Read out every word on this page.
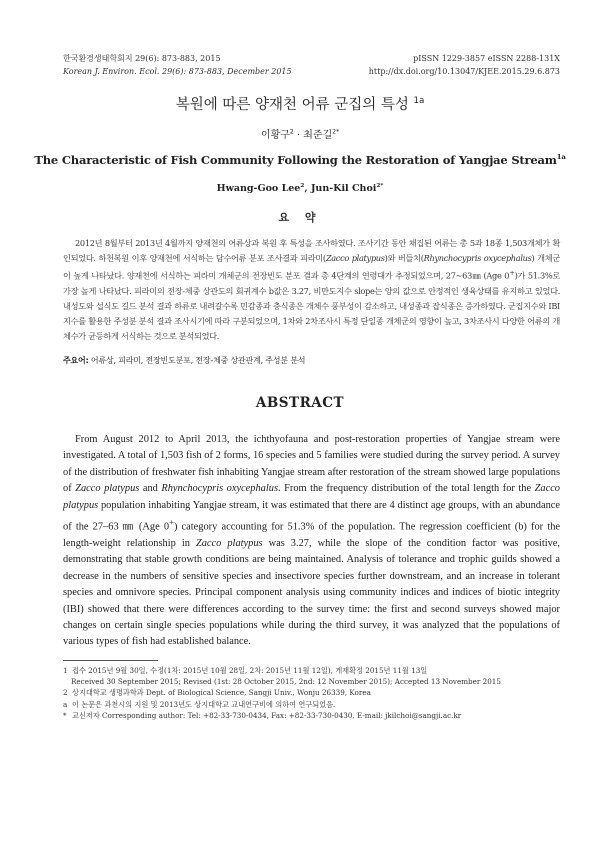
한국환경생태학회지 29(6): 873-883, 2015
Korean J. Environ. Ecol. 29(6): 873-883, December 2015
pISSN 1229-3857 eISSN 2288-131X
http://dx.doi.org/10.13047/KJEE.2015.29.6.873
복원에 따른 양재천 어류 군집의 특성 $^{1a}$
이황구$^2$ · 최준길$^{2*}$
The Characteristic of Fish Community Following the Restoration of Yangjae Stream$^{1a}$
Hwang-Goo Lee$^2$, Jun-Kil Choi$^{2*}$
요 약
2012년 8월부터 2013년 4월까지 양재천의 어류상과 복원 후 특성을 조사하였다. 조사기간 동안 채집된 어류는 총 5과 18종 1,503개체가 확인되었다. 하천복원 이후 양재천에 서식하는 담수어류 분포 조사결과 피라미(Zacco platypus)와 버들치(Rhynchocypris oxycephalus) 개체군이 높게 나타났다. 양재천에 서식하는 피라미 개체군의 전장빈도 분포 결과 총 4단계의 연령대가 추정되었으며, 27∼63㎜ (Age 0+)가 51.3%로 가장 높게 나타났다. 피라미의 전장-체중 상관도의 회귀계수 b값은 3.27, 비만도지수 slope는 양의 값으로 안정적인 생육상태를 유지하고 있었다. 내성도와 섭식도 길드 분석 결과 하류로 내려갈수록 민감종과 충식종은 개체수 풍부성이 감소하고, 내성종과 잡식종은 증가하였다. 군집지수와 IBI지수를 활용한 주성분 분석 결과 조사시기에 따라 구분되었으며, 1차와 2차조사시 특정 단일종 개체군의 영향이 높고, 3차조사시 다양한 어류의 개체수가 균등하게 서식하는 것으로 분석되었다.
주요어: 어류상, 피라미, 전장빈도분포, 전장-체중 상관관계, 주성분 분석
ABSTRACT
From August 2012 to April 2013, the ichthyofauna and post-restoration properties of Yangjae stream were investigated. A total of 1,503 fish of 2 forms, 16 species and 5 families were studied during the survey period. A survey of the distribution of freshwater fish inhabiting Yangjae stream after restoration of the stream showed large populations of Zacco platypus and Rhynchocypris oxycephalus. From the frequency distribution of the total length for the Zacco platypus population inhabiting Yangjae stream, it was estimated that there are 4 distinct age groups, with an abundance of the 27–63 ㎜ (Age 0+) category accounting for 51.3% of the population. The regression coefficient (b) for the length-weight relationship in Zacco platypus was 3.27, while the slope of the condition factor was positive, demonstrating that stable growth conditions are being maintained. Analysis of tolerance and trophic guilds showed a decrease in the numbers of sensitive species and insectivore species further downstream, and an increase in tolerant species and omnivore species. Principal component analysis using community indices and indices of biotic integrity (IBI) showed that there were differences according to the survey time: the first and second surveys showed major changes on certain single species populations while during the third survey, it was analyzed that the populations of various types of fish had established balance.
1 접수 2015년 9월 30일, 수정(1차: 2015년 10월 28일, 2차: 2015년 11월 12일), 게재확정 2015년 11월 13일
Received 30 September 2015; Revised (1st: 28 October 2015, 2nd: 12 November 2015); Accepted 13 November 2015
2 상지대학교 생명과학과 Dept. of Biological Science, Sangji Univ., Wonju 26339, Korea
a 이 논문은 과천시의 지원 및 2013년도 상지대학교 교내연구비에 의하여 연구되었음.
* 교신저자 Corresponding author: Tel: +82-33-730-0434, Fax: +82-33-730-0430, E-mail: jkilchoi@sangji.ac.kr
